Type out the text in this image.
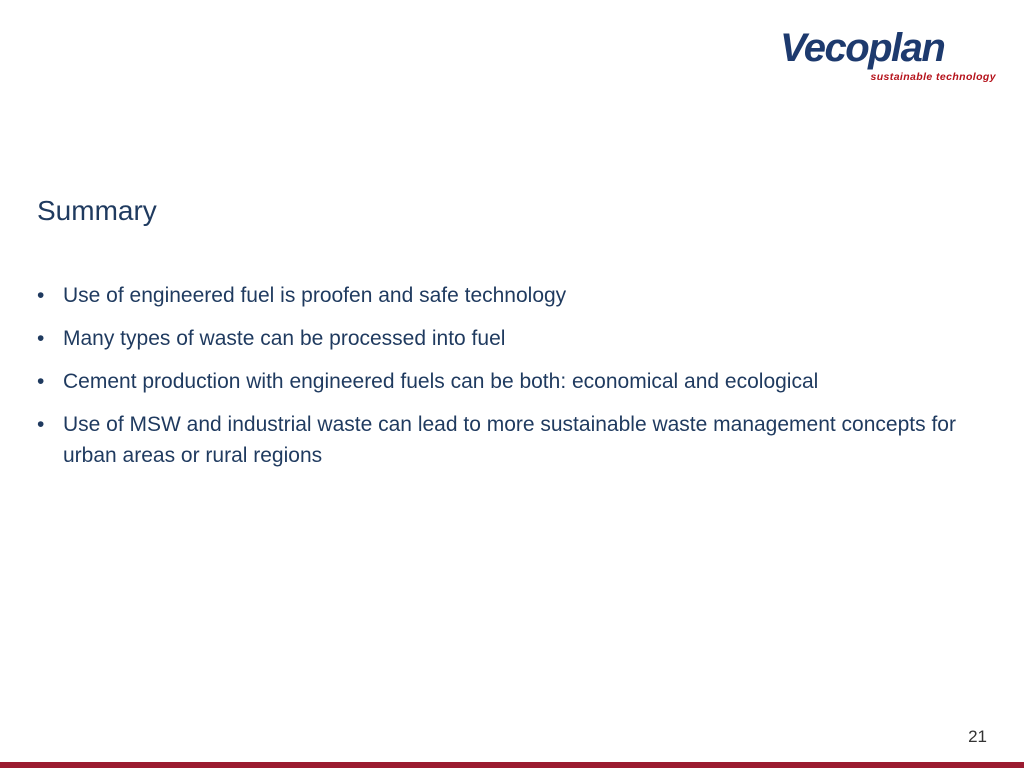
Vecoplan
sustainable technology
Summary
• Use of engineered fuel is proofen and safe technology
• Many types of waste can be processed into fuel
• Cement production with engineered fuels can be both: economical and ecological
• Use of MSW and industrial waste can lead to more sustainable waste management concepts for urban areas or rural regions
21
